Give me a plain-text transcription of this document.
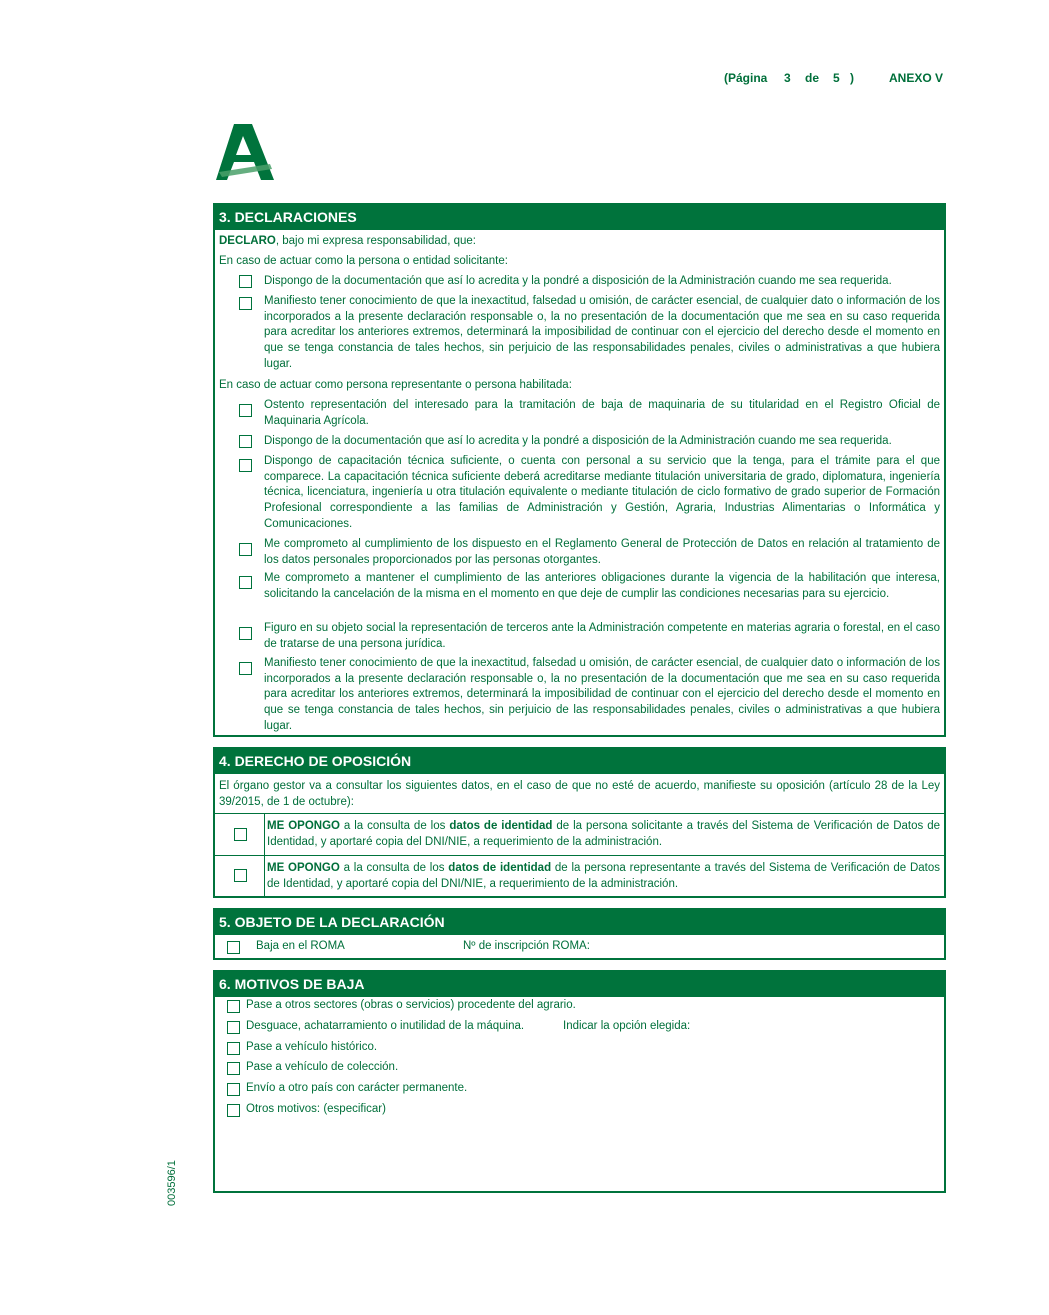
(Página 3 de 5 )	ANEXO V
3. DECLARACIONES
DECLARO, bajo mi expresa responsabilidad, que:
En caso de actuar como la persona o entidad solicitante:
Dispongo de la documentación que así lo acredita y la pondré a disposición de la Administración cuando me sea requerida.
Manifiesto tener conocimiento de que la inexactitud, falsedad u omisión, de carácter esencial, de cualquier dato o información de los incorporados a la presente declaración responsable o, la no presentación de la documentación que me sea en su caso requerida para acreditar los anteriores extremos, determinará la imposibilidad de continuar con el ejercicio del derecho desde el momento en que se tenga constancia de tales hechos, sin perjuicio de las responsabilidades penales, civiles o administrativas a que hubiera lugar.
En caso de actuar como persona representante o persona habilitada:
Ostento representación del interesado para la tramitación de baja de maquinaria de su titularidad en el Registro Oficial de Maquinaria Agrícola.
Dispongo de la documentación que así lo acredita y la pondré a disposición de la Administración cuando me sea requerida.
Dispongo de capacitación técnica suficiente, o cuenta con personal a su servicio que la tenga, para el trámite para el que comparece. La capacitación técnica suficiente deberá acreditarse mediante titulación universitaria de grado, diplomatura, ingeniería técnica, licenciatura, ingeniería u otra titulación equivalente o mediante titulación de ciclo formativo de grado superior de Formación Profesional correspondiente a las familias de Administración y Gestión, Agraria, Industrias Alimentarias o Informática y Comunicaciones.
Me comprometo al cumplimiento de los dispuesto en el Reglamento General de Protección de Datos en relación al tratamiento de los datos personales proporcionados por las personas otorgantes.
Me comprometo a mantener el cumplimiento de las anteriores obligaciones durante la vigencia de la habilitación que interesa, solicitando la cancelación de la misma en el momento en que deje de cumplir las condiciones necesarias para su ejercicio.
Figuro en su objeto social la representación de terceros ante la Administración competente en materias agraria o forestal, en el caso de tratarse de una persona jurídica.
Manifiesto tener conocimiento de que la inexactitud, falsedad u omisión, de carácter esencial, de cualquier dato o información de los incorporados a la presente declaración responsable o, la no presentación de la documentación que me sea en su caso requerida para acreditar los anteriores extremos, determinará la imposibilidad de continuar con el ejercicio del derecho desde el momento en que se tenga constancia de tales hechos, sin perjuicio de las responsabilidades penales, civiles o administrativas a que hubiera lugar.
4. DERECHO DE OPOSICIÓN
El órgano gestor va a consultar los siguientes datos, en el caso de que no esté de acuerdo, manifieste su oposición (artículo 28 de la Ley 39/2015, de 1 de octubre):
ME OPONGO a la consulta de los datos de identidad de la persona solicitante a través del Sistema de Verificación de Datos de Identidad, y aportaré copia del DNI/NIE, a requerimiento de la administración.
ME OPONGO a la consulta de los datos de identidad de la persona representante a través del Sistema de Verificación de Datos de Identidad, y aportaré copia del DNI/NIE, a requerimiento de la administración.
5. OBJETO DE LA DECLARACIÓN
Baja en el ROMA	Nº de inscripción ROMA:
6. MOTIVOS DE BAJA
Pase a otros sectores (obras o servicios) procedente del agrario.
Desguace, achatarramiento o inutilidad de la máquina.	Indicar la opción elegida:
Pase a vehículo histórico.
Pase a vehículo de colección.
Envío a otro país con carácter permanente.
Otros motivos: (especificar)
003596/1
